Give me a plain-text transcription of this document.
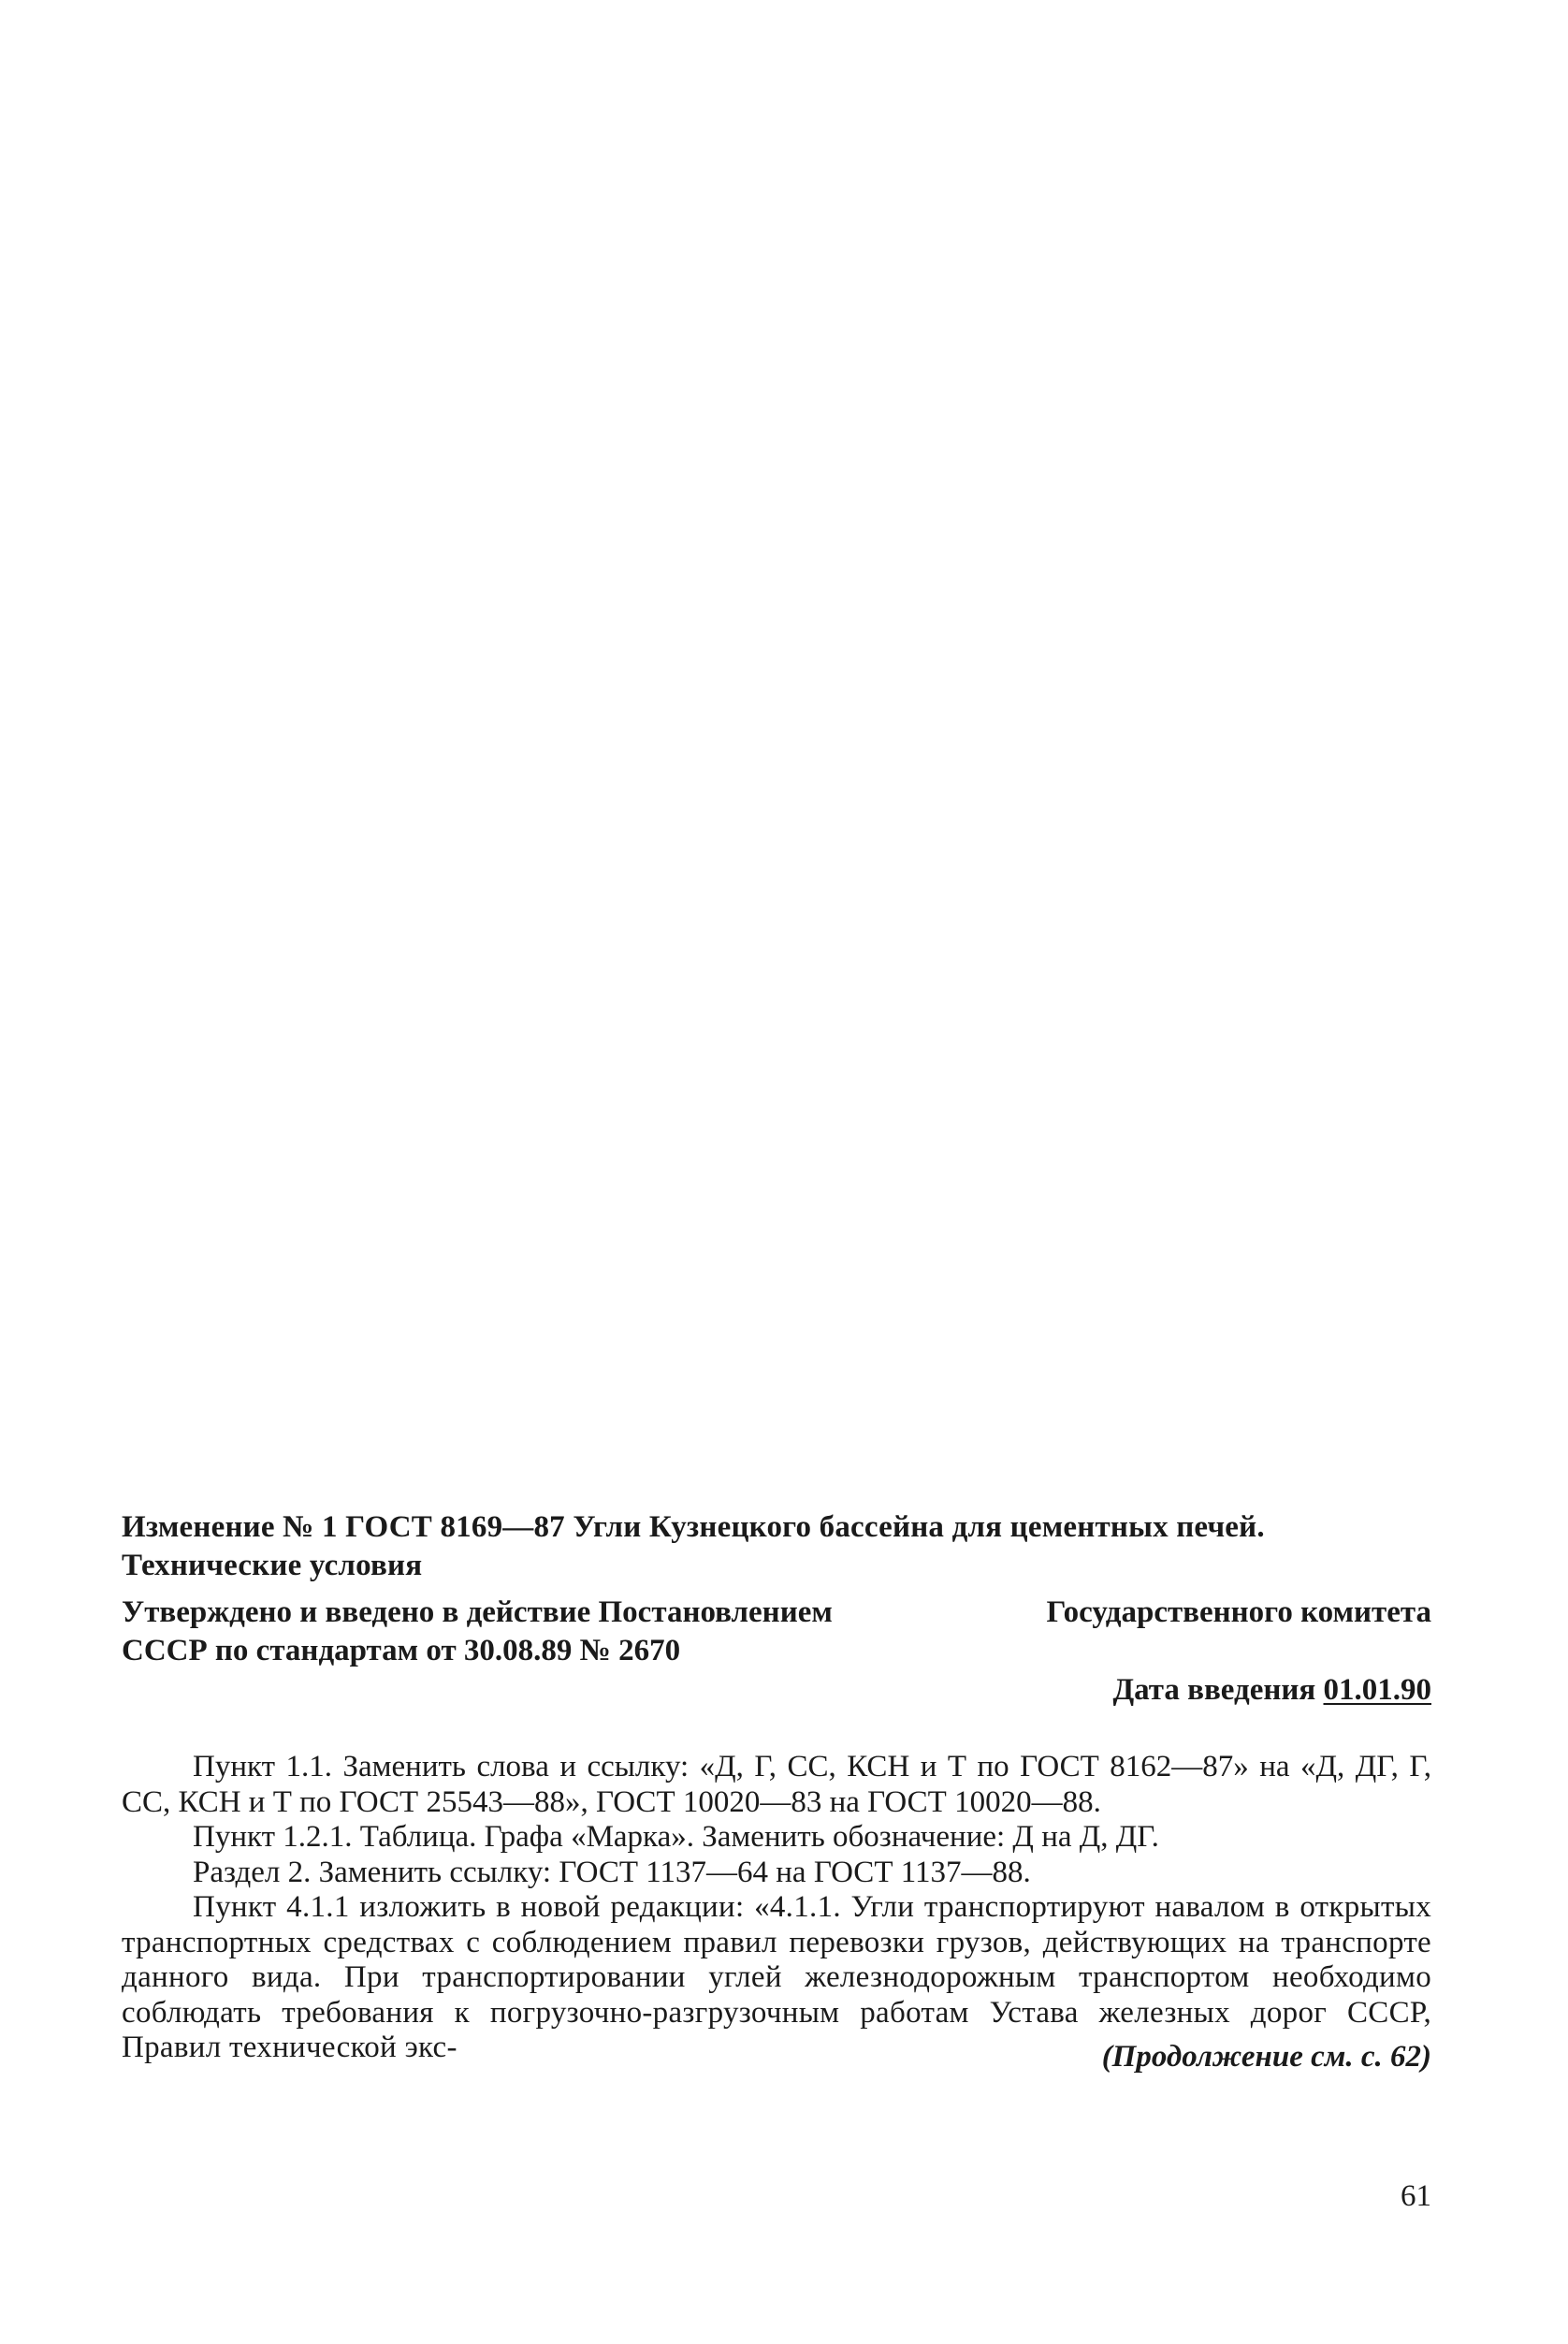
Изменение № 1 ГОСТ 8169—87 Угли Кузнецкого бассейна для цементных печей.
Технические условия
Утверждено и введено в действие Постановлением	Государственного комитета
СССР по стандартам от 30.08.89 № 2670
Дата введения 01.01.90

Пункт 1.1. Заменить слова и ссылку: «Д, Г, СС, КСН и Т по ГОСТ 8162—87» на «Д, ДГ, Г, СС, КСН и Т по ГОСТ 25543—88», ГОСТ 10020—83 на ГОСТ 10020—88.

Пункт 1.2.1. Таблица. Графа «Марка». Заменить обозначение: Д на Д, ДГ.

Раздел 2. Заменить ссылку: ГОСТ 1137—64 на ГОСТ 1137—88.

Пункт 4.1.1 изложить в новой редакции: «4.1.1. Угли транспортируют навалом в открытых транспортных средствах с соблюдением правил перевозки грузов, действующих на транспорте данного вида. При транспортировании углей железнодорожным транспортом необходимо соблюдать требования к погрузочно-разгрузочным работам Устава железных дорог СССР, Правил технической экс-	(Продолжение см. с. 62)
61
